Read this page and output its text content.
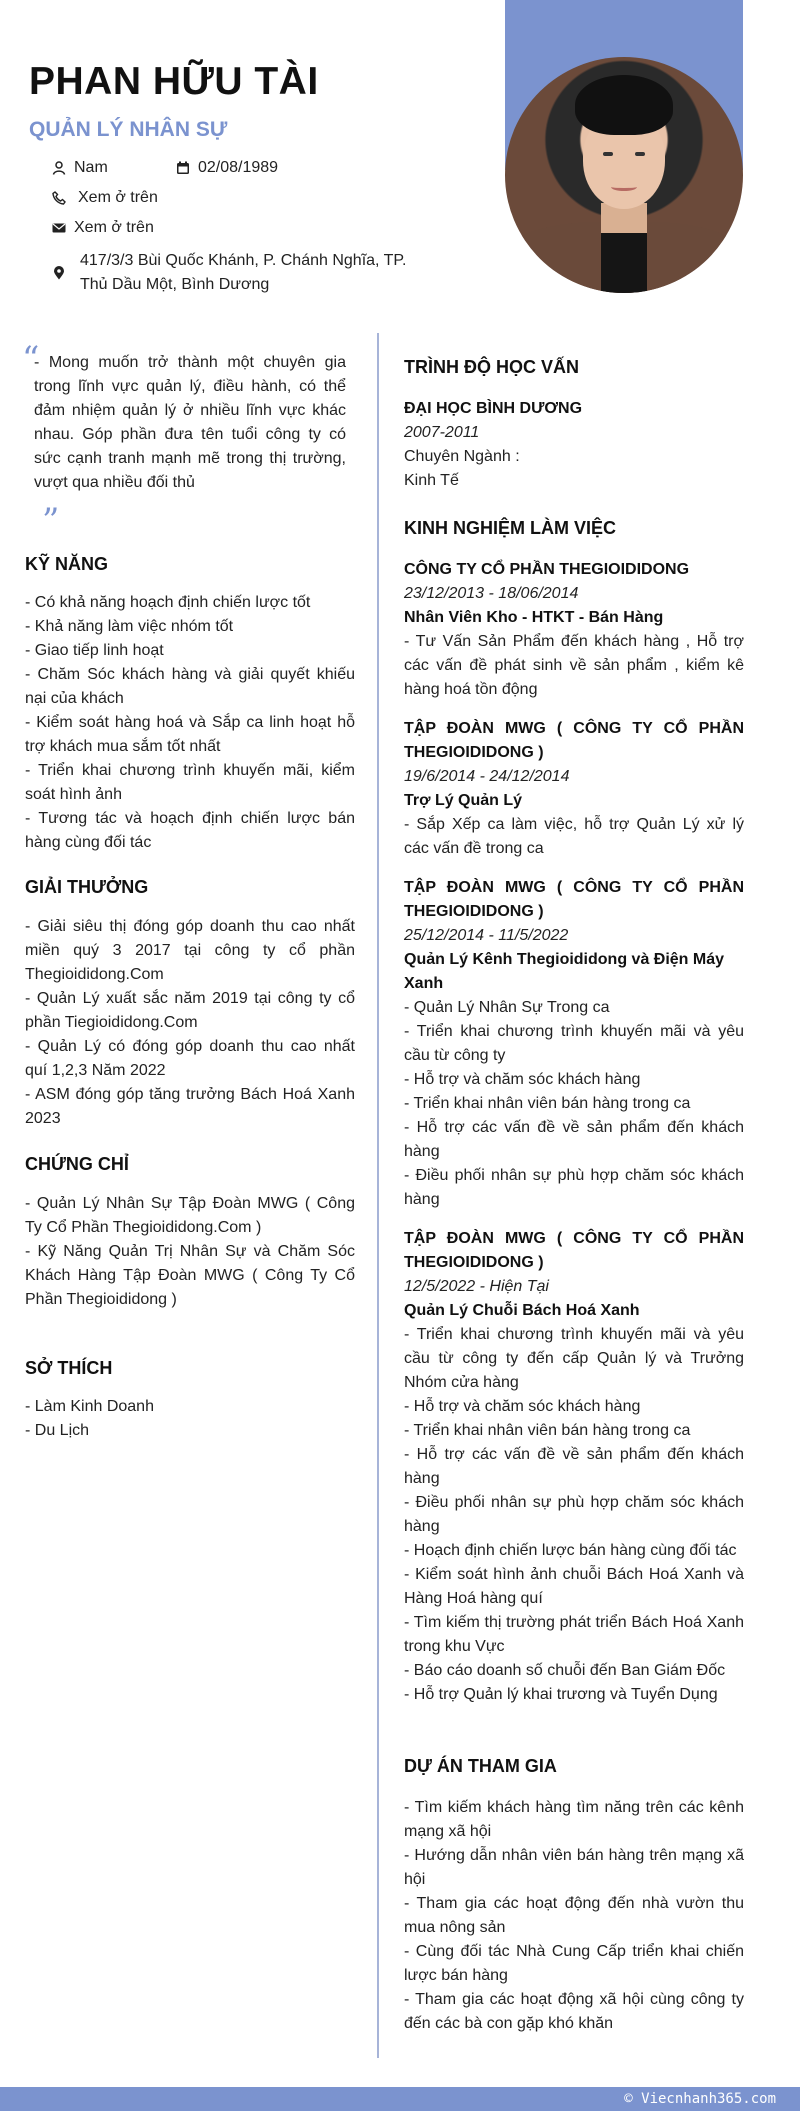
PHAN HỮU TÀI
QUẢN LÝ NHÂN SỰ
Nam	02/08/1989
Xem ở trên
Xem ở trên
417/3/3 Bùi Quốc Khánh, P. Chánh Nghĩa, TP.
Thủ Dầu Một, Bình Dương
“
- Mong muốn trở thành một chuyên gia trong lĩnh vực quản lý, điều hành, có thể đảm nhiệm quản lý ở nhiều lĩnh vực khác nhau. Góp phần đưa tên tuổi công ty có sức cạnh tranh mạnh mẽ trong thị trường, vượt qua nhiều đối thủ
”
KỸ NĂNG
- Có khả năng hoạch định chiến lược tốt
- Khả năng làm việc nhóm tốt
- Giao tiếp linh hoạt
- Chăm Sóc khách hàng và giải quyết khiếu nại của khách
- Kiểm soát hàng hoá và Sắp ca linh hoạt hỗ trợ khách mua sắm tốt nhất
- Triển khai chương trình khuyến mãi, kiểm soát hình ảnh
- Tương tác và hoạch định chiến lược bán hàng cùng đối tác
GIẢI THƯỞNG
- Giải siêu thị đóng góp doanh thu cao nhất miền quý 3 2017 tại công ty cổ phần Thegioididong.Com
- Quản Lý xuất sắc năm 2019 tại công ty cổ phần Tiegioididong.Com
- Quản Lý có đóng góp doanh thu cao nhất quí 1,2,3 Năm 2022
- ASM đóng góp tăng trưởng Bách Hoá Xanh 2023
CHỨNG CHỈ
- Quản Lý Nhân Sự Tập Đoàn MWG ( Công Ty Cổ Phần Thegioididong.Com )
- Kỹ Năng Quản Trị Nhân Sự và Chăm Sóc Khách Hàng Tập Đoàn MWG ( Công Ty Cổ Phần Thegioididong )
SỞ THÍCH
- Làm Kinh Doanh
- Du Lịch
TRÌNH ĐỘ HỌC VẤN
ĐẠI HỌC BÌNH DƯƠNG
2007-2011
Chuyên Ngành :
Kinh Tế
KINH NGHIỆM LÀM VIỆC
CÔNG TY CỔ PHẦN THEGIOIDIDONG
23/12/2013 - 18/06/2014
Nhân Viên Kho - HTKT - Bán Hàng
- Tư Vấn Sản Phẩm đến khách hàng , Hỗ trợ các vấn đề phát sinh về sản phẩm , kiểm kê hàng hoá tồn động
TẬP ĐOÀN MWG ( CÔNG TY CỔ PHẦN THEGIOIDIDONG )
19/6/2014 - 24/12/2014
Trợ Lý Quản Lý
- Sắp Xếp ca làm việc, hỗ trợ Quản Lý xử lý các vấn đề trong ca
TẬP ĐOÀN MWG ( CÔNG TY CỔ PHẦN THEGIOIDIDONG )
25/12/2014 - 11/5/2022
Quản Lý Kênh Thegioididong và Điện Máy Xanh
- Quản Lý Nhân Sự Trong ca
- Triển khai chương trình khuyến mãi và yêu cầu từ công ty
- Hỗ trợ và chăm sóc khách hàng
- Triển khai nhân viên bán hàng trong ca
- Hỗ trợ các vấn đề về sản phẩm đến khách hàng
- Điều phối nhân sự phù hợp chăm sóc khách hàng
TẬP ĐOÀN MWG ( CÔNG TY CỔ PHẦN THEGIOIDIDONG )
12/5/2022 - Hiện Tại
Quản Lý Chuỗi Bách Hoá Xanh
- Triển khai chương trình khuyến mãi và yêu cầu từ công ty đến cấp Quản lý và Trưởng Nhóm cửa hàng
- Hỗ trợ và chăm sóc khách hàng
- Triển khai nhân viên bán hàng trong ca
- Hỗ trợ các vấn đề về sản phẩm đến khách hàng
- Điều phối nhân sự phù hợp chăm sóc khách hàng
- Hoạch định chiến lược bán hàng cùng đối tác
- Kiểm soát hình ảnh chuỗi Bách Hoá Xanh và Hàng Hoá hàng quí
- Tìm kiếm thị trường phát triển Bách Hoá Xanh trong khu Vực
- Báo cáo doanh số chuỗi đến Ban Giám Đốc
- Hỗ trợ Quản lý khai trương và Tuyển Dụng
DỰ ÁN THAM GIA
- Tìm kiếm khách hàng tìm năng trên các kênh mạng xã hội
- Hướng dẫn nhân viên bán hàng trên mạng xã hội
- Tham gia các hoạt động đến nhà vườn thu mua nông sản
- Cùng đối tác Nhà Cung Cấp triển khai chiến lược bán hàng
- Tham gia các hoạt động xã hội cùng công ty đến các bà con gặp khó khăn
© Viecnhanh365.com
